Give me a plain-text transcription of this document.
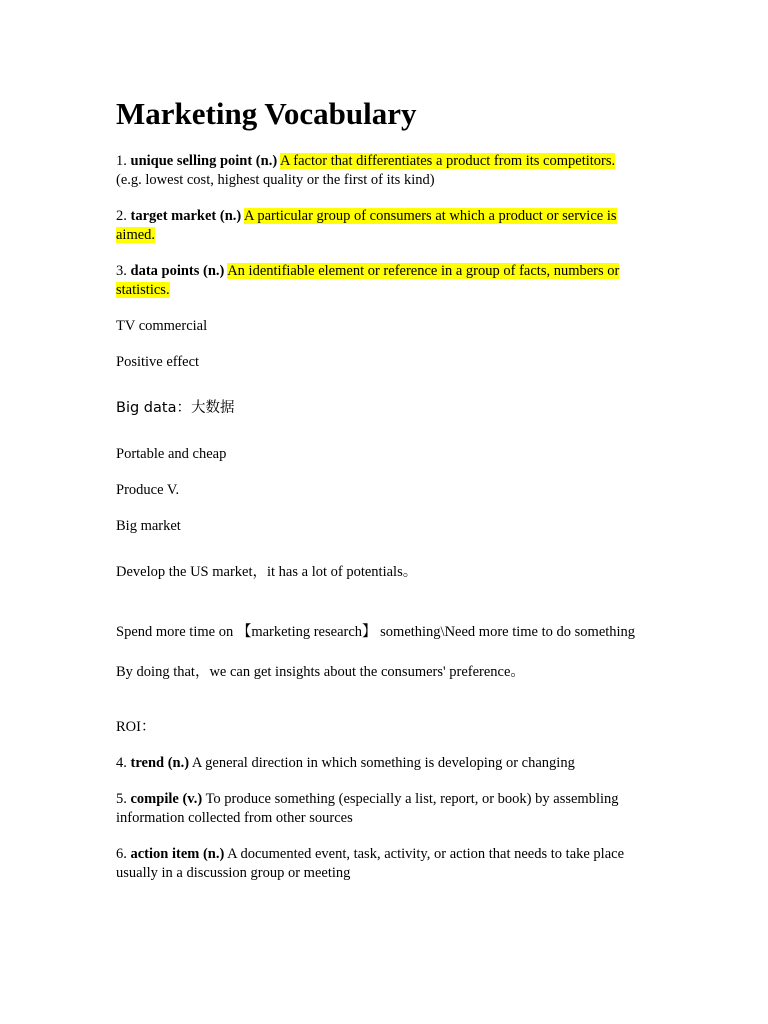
Marketing Vocabulary
1. unique selling point (n.) A factor that differentiates a product from its competitors.
(e.g. lowest cost, highest quality or the first of its kind)
2. target market (n.) A particular group of consumers at which a product or service is aimed.
3. data points (n.) An identifiable element or reference in a group of facts, numbers or statistics.
TV commercial
Positive effect
Big data：大数据
Portable and cheap
Produce V.
Big market
Develop the US market，it has a lot of potentials。
Spend more time on 【marketing research】 something\Need more time to do something
By doing that，we can get insights about the consumers' preference。
ROI：
4. trend (n.) A general direction in which something is developing or changing
5. compile (v.) To produce something (especially a list, report, or book) by assembling information collected from other sources
6. action item (n.) A documented event, task, activity, or action that needs to take place usually in a discussion group or meeting
